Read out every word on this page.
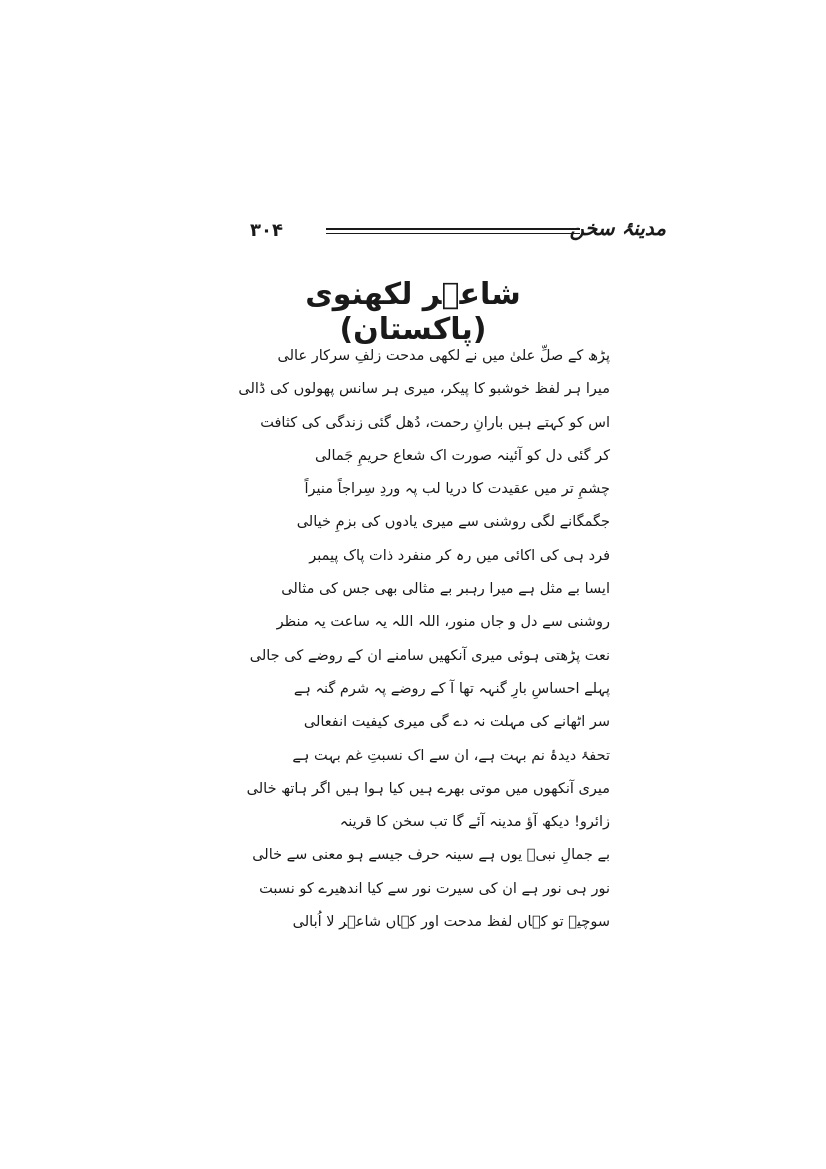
۳۰۴	مدینۂ سخن
شاعؔر لکھنوی (پاکستان)
پڑھ کے صلِّ علیٰ میں نے لکھی مدحت زلفِ سرکار عالی
میرا ہر لفظ خوشبو کا پیکر، میری ہر سانس پھولوں کی ڈالی
اس کو کہتے ہیں بارانِ رحمت، دُھل گئی زندگی کی کثافت
کر گئی دل کو آئینہ صورت اک شعاع حریمِ جَمالی
چشمِ تر میں عقیدت کا دریا لب پہ وردِ سِراجاً منیراً
جگمگانے لگی روشنی سے میری یادوں کی بزمِ خیالی
فرد ہی کی اکائی میں رہ کر منفرد ذات پاک پیمبر
ایسا بے مثل ہے میرا رہبر بے مثالی بھی جس کی مثالی
روشنی سے دل و جاں منور، اللہ اللہ یہ ساعت یہ منظر
نعت پڑھتی ہوئی میری آنکھیں سامنے ان کے روضے کی جالی
پہلے احساسِ بارِ گنہہ تھا آ کے روضے پہ شرم گنہ ہے
سر اٹھانے کی مہلت نہ دے گی میری کیفیت انفعالی
تحفۂ دیدۂ نم بہت ہے، ان سے اک نسبتِ غم بہت ہے
میری آنکھوں میں موتی بھرے ہیں کیا ہوا ہیں اگر ہاتھ خالی
زائرو! دیکھ آؤ مدینہ آئے گا تب سخن کا قرینہ
بے جمالِ نبیؐ یوں ہے سینہ حرف جیسے ہو معنی سے خالی
نور ہی نور ہے ان کی سیرت نور سے کیا اندھیرے کو نسبت
سوچیے تو کہاں لفظ مدحت اور کہاں شاعؔر لا اُبالی
